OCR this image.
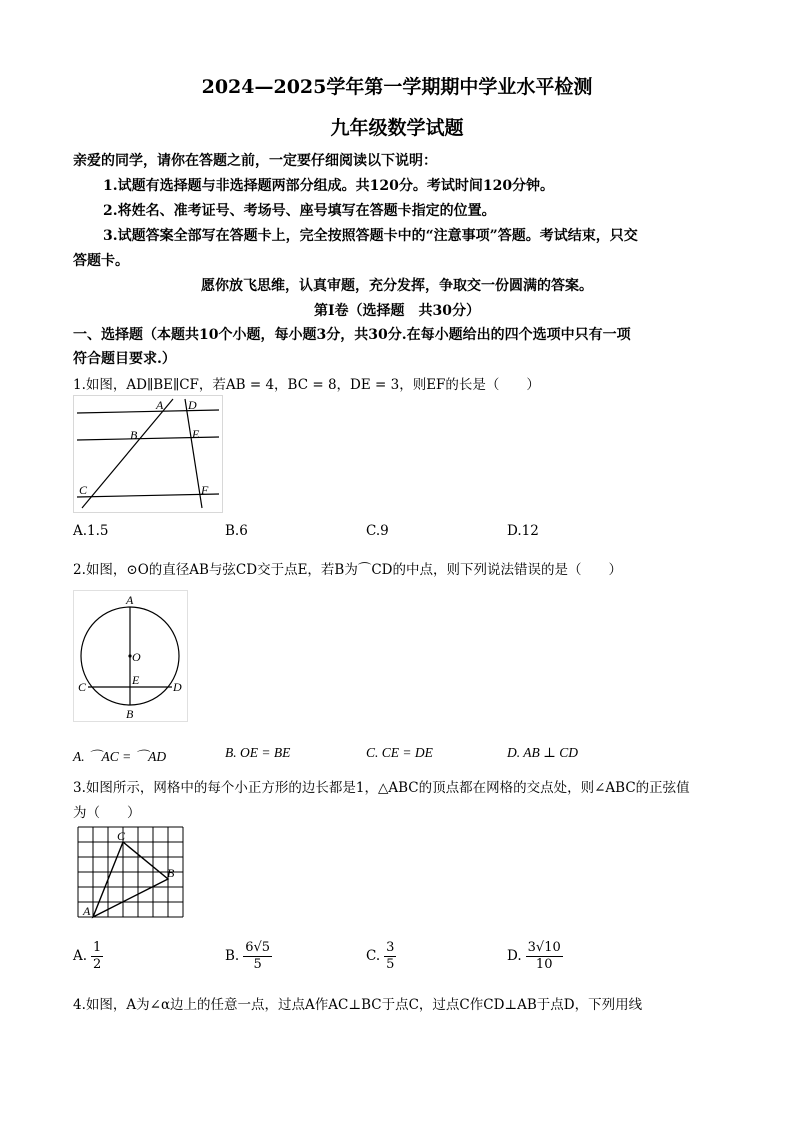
2024—2025学年第一学期期中学业水平检测
九年级数学试题
亲爱的同学，请你在答题之前，一定要仔细阅读以下说明：
1.试题有选择题与非选择题两部分组成。共120分。考试时间120分钟。
2.将姓名、准考证号、考场号、座号填写在答题卡指定的位置。
3.试题答案全部写在答题卡上，完全按照答题卡中的“注意事项”答题。考试结束，只交
答题卡。
愿你放飞思维，认真审题，充分发挥，争取交一份圆满的答案。
第Ⅰ卷（选择题　共30分）
一、选择题（本题共10个小题，每小题3分，共30分.在每小题给出的四个选项中只有一项
符合题目要求.）
1.如图，AD∥BE∥CF，若AB = 4，BC = 8，DE = 3，则EF的长是（　　）
A D
B	E
C	F
A.1.5	B.6	C.9	D.12
2.如图，⊙O的直径AB与弦CD交于点E，若B为⌒CD的中点，则下列说法错误的是（　　）
A
O
C	E	D
B
A. ⌒AC = ⌒AD	B. OE = BE	C. CE = DE	D. AB ⊥ CD
3.如图所示，网格中的每个小正方形的边长都是1，△ABC的顶点都在网格的交点处，则∠ABC的正弦值
为（　　）
C
B
A
A. $\frac{1}{2}$	B. $\frac{6√5}{5}$	C. $\frac{3}{5}$	D. $\frac{3√10}{10}$
4.如图，A为∠α边上的任意一点，过点A作AC⊥BC于点C，过点C作CD⊥AB于点D，下列用线
